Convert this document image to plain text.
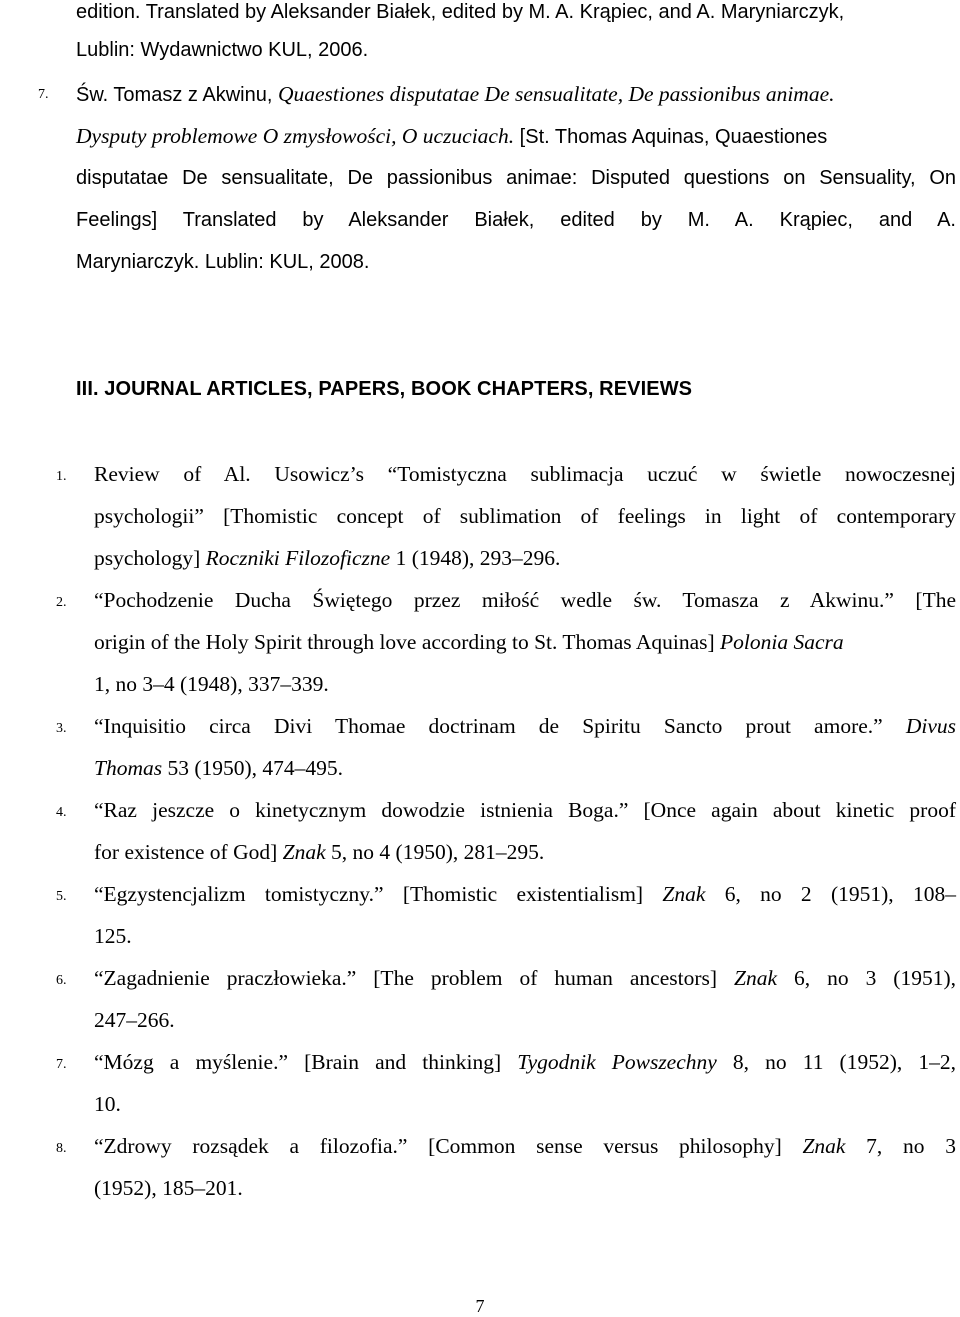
edition. Translated by Aleksander Białek, edited by M. A. Krąpiec, and A. Maryniarczyk,
Lublin: Wydawnictwo KUL, 2006.
7. Św. Tomasz z Akwinu, Quaestiones disputatae De sensualitate, De passionibus animae.
Dysputy problemowe O zmysłowości, O uczuciach. [St. Thomas Aquinas, Quaestiones
disputatae De sensualitate, De passionibus animae: Disputed questions on Sensuality, On
Feelings] Translated by Aleksander Białek, edited by M. A. Krąpiec, and A.
Maryniarczyk. Lublin: KUL, 2008.
III. JOURNAL ARTICLES, PAPERS, BOOK CHAPTERS, REVIEWS
1. Review of Al. Usowicz’s “Tomistyczna sublimacja uczuć w świetle nowoczesnej
psychologii” [Thomistic concept of sublimation of feelings in light of contemporary
psychology] Roczniki Filozoficzne 1 (1948), 293–296.
2. “Pochodzenie Ducha Świętego przez miłość wedle św. Tomasza z Akwinu.” [The
origin of the Holy Spirit through love according to St. Thomas Aquinas] Polonia Sacra
1, no 3–4 (1948), 337–339.
3. “Inquisitio circa Divi Thomae doctrinam de Spiritu Sancto prout amore.” Divus
Thomas 53 (1950), 474–495.
4. “Raz jeszcze o kinetycznym dowodzie istnienia Boga.” [Once again about kinetic proof
for existence of God] Znak 5, no 4 (1950), 281–295.
5. “Egzystencjalizm tomistyczny.” [Thomistic existentialism] Znak 6, no 2 (1951), 108–
125.
6. “Zagadnienie praczłowieka.” [The problem of human ancestors] Znak 6, no 3 (1951),
247–266.
7. “Mózg a myślenie.” [Brain and thinking] Tygodnik Powszechny 8, no 11 (1952), 1–2,
10.
8. “Zdrowy rozsądek a filozofia.” [Common sense versus philosophy] Znak 7, no 3
(1952), 185–201.
7
